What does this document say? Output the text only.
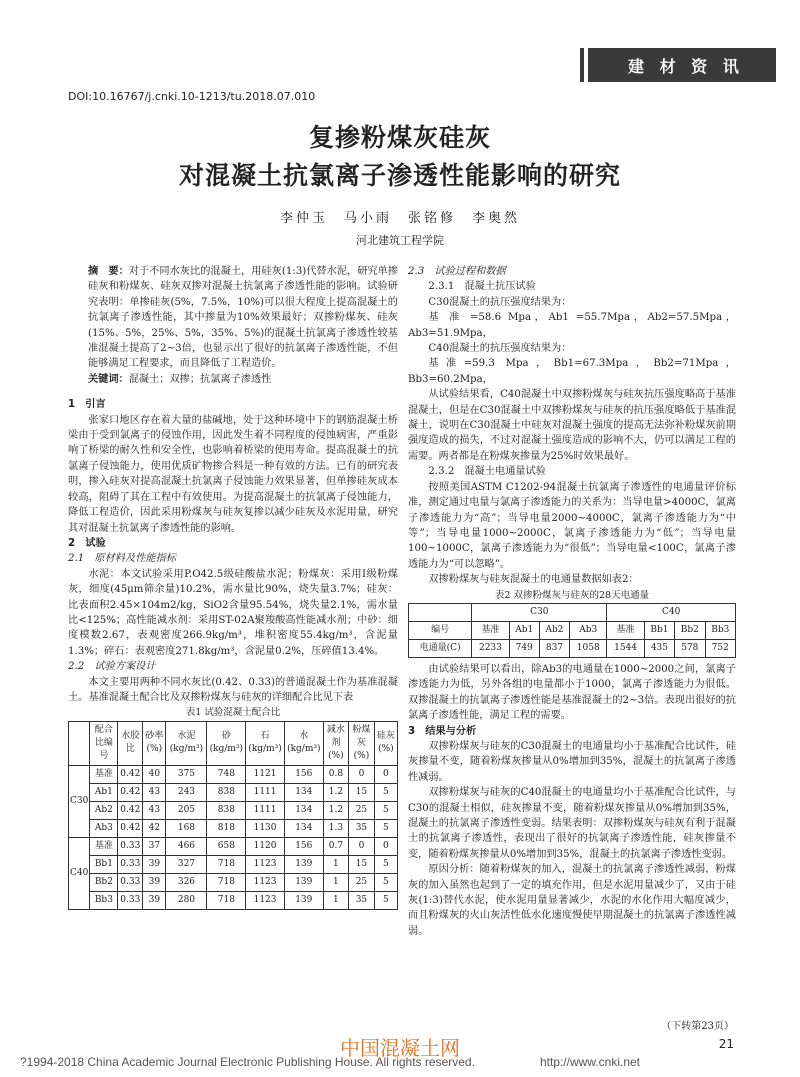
建 材 资 讯
DOI:10.16767/j.cnki.10-1213/tu.2018.07.010
复掺粉煤灰硅灰
对混凝土抗氯离子渗透性能影响的研究
李仲玉　马小雨　张铭修　李奥然
河北建筑工程学院

摘　要：对于不同水灰比的混凝土，用硅灰(1:3)代替水泥，研究单掺硅灰和粉煤灰、硅灰双掺对混凝土抗氯离子渗透性能的影响。试验研究表明：单掺硅灰(5%，7.5%，10%)可以很大程度上提高混凝土的抗氯离子渗透性能，其中掺量为10%效果最好；双掺粉煤灰、硅灰(15%、5%，25%、5%，35%、5%)的混凝土抗氯离子渗透性较基准混凝土提高了2~3倍，也显示出了很好的抗氯离子渗透性能，不但能够满足工程要求，而且降低了工程造价。

关键词：混凝土；双掺；抗氯离子渗透性

1　引言

张家口地区存在着大量的盐碱地，处于这种环境中下的钢筋混凝土桥梁由于受到氯离子的侵蚀作用，因此发生着不同程度的侵蚀病害，严重影响了桥梁的耐久性和安全性，也影响着桥梁的使用寿命。提高混凝土的抗氯离子侵蚀能力，使用优质矿物掺合料是一种有效的方法。已有的研究表明，掺入硅灰对提高混凝土抗氯离子侵蚀能力效果显著，但单掺硅灰成本较高，阻碍了其在工程中有效使用。为提高混凝土的抗氯离子侵蚀能力，降低工程造价，因此采用粉煤灰与硅灰复掺以减少硅灰及水泥用量，研究其对混凝土抗氯离子渗透性能的影响。

2　试验

2.1　原材料及性能指标

水泥：本文试验采用P.O42.5级硅酸盐水泥；粉煤灰：采用Ⅰ级粉煤灰，细度(45μm筛余量)10.2%，需水量比90%，烧失量3.7%；硅灰：比表面积2.45×104m2/kg，SiO2含量95.54%，烧失量2.1%，需水量比<125%；高性能减水剂：采用ST-02A聚羧酸高性能减水剂；中砂：细度模数2.67，表观密度266.9kg/m³，堆积密度55.4kg/m³，含泥量1.3%；碎石：表观密度271.8kg/m³，含泥量0.2%，压碎值13.4%。

2.2　试验方案设计

本文主要用两种不同水灰比(0.42、0.33)的普通混凝土作为基准混凝土。基准混凝土配合比及双掺粉煤灰与硅灰的详细配合比见下表

表1 试验混凝土配合比

	配合比编号	水胶比	砂率(%)	水泥(kg/m³)	砂(kg/m³)	石(kg/m³)	水(kg/m³)	减水剂(%)	粉煤灰(%)	硅灰(%)
C30	基准	0.42	40	375	748	1121	156	0.8	0	0
	Ab1	0.42	43	243	838	1111	134	1.2	15	5
	Ab2	0.42	43	205	838	1111	134	1.2	25	5
	Ab3	0.42	42	168	818	1130	134	1.3	35	5
C40	基准	0.33	37	466	658	1120	156	0.7	0	0
	Bb1	0.33	39	327	718	1123	139	1	15	5
	Bb2	0.33	39	326	718	1123	139	1	25	5
	Bb3	0.33	39	280	718	1123	139	1	35	5

2.3　试验过程和数据

2.3.1　混凝土抗压试验

C30混凝土的抗压强度结果为：

基 准 =58.6 Mpa，Ab1 =55.7Mpa，Ab2=57.5Mpa，Ab3=51.9Mpa，

C40混凝土的抗压强度结果为：

基准=59.3 Mpa，Bb1=67.3Mpa，Bb2=71Mpa，Bb3=60.2Mpa，

从试验结果看，C40混凝土中双掺粉煤灰与硅灰抗压强度略高于基准混凝土，但是在C30混凝土中双掺粉煤灰与硅灰的抗压强度略低于基准混凝土，说明在C30混凝土中硅灰对混凝土强度的提高无法弥补粉煤灰前期强度造成的损失，不过对混凝土强度造成的影响不大，仍可以满足工程的需要。两者都是在粉煤灰掺量为25%时效果最好。

2.3.2　混凝土电通量试验

按照美国ASTM C1202-94混凝土抗氯离子渗透性的电通量评价标准，测定通过电量与氯离子渗透能力的关系为：当导电量>4000C，氯离子渗透能力为“高”；当导电量2000~4000C，氯离子渗透能力为“中等”；当导电量1000~2000C，氯离子渗透能力为“低”；当导电量100~1000C，氯离子渗透能力为“很低”；当导电量<100C，氯离子渗透能力为“可以忽略”。

双掺粉煤灰与硅灰混凝土的电通量数据如表2：

表2 双掺粉煤灰与硅灰的28天电通量

	C30				C40			
编号	基准	Ab1	Ab2	Ab3	基准	Bb1	Bb2	Bb3
电通量(C)	2233	749	837	1058	1544	435	578	752

由试验结果可以看出，除Ab3的电通量在1000~2000之间，氯离子渗透能力为低，另外各组的电量都小于1000，氯离子渗透能力为很低。双掺混凝土的抗氯离子渗透性能是基准混凝土的2~3倍。表现出很好的抗氯离子渗透性能，满足工程的需要。

3　结果与分析

双掺粉煤灰与硅灰的C30混凝土的电通量均小于基准配合比试件，硅灰掺量不变，随着粉煤灰掺量从0%增加到35%，混凝土的抗氯离子渗透性减弱。

双掺粉煤灰与硅灰的C40混凝土的电通量均小于基准配合比试件，与C30的混凝土相似，硅灰掺量不变，随着粉煤灰掺量从0%增加到35%，混凝土的抗氯离子渗透性变弱。结果表明：双掺粉煤灰与硅灰有利于混凝土的抗氯离子渗透性，表现出了很好的抗氯离子渗透性能，硅灰掺量不变，随着粉煤灰掺量从0%增加到35%，混凝土的抗氯离子渗透性变弱。

原因分析：随着粉煤灰的加入，混凝土的抗氯离子渗透性减弱，粉煤灰的加入虽然也起到了一定的填充作用，但是水泥用量减少了，又由于硅灰(1:3)替代水泥，使水泥用量显著减少，水泥的水化作用大幅度减少，而且粉煤灰的火山灰活性低水化速度慢使早期混凝土的抗氯离子渗透性减弱。

（下转第23页）
21
中国混凝土网
?1994-2018 China Academic Journal Electronic Publishing House. All rights reserved.	http://www.cnki.net
